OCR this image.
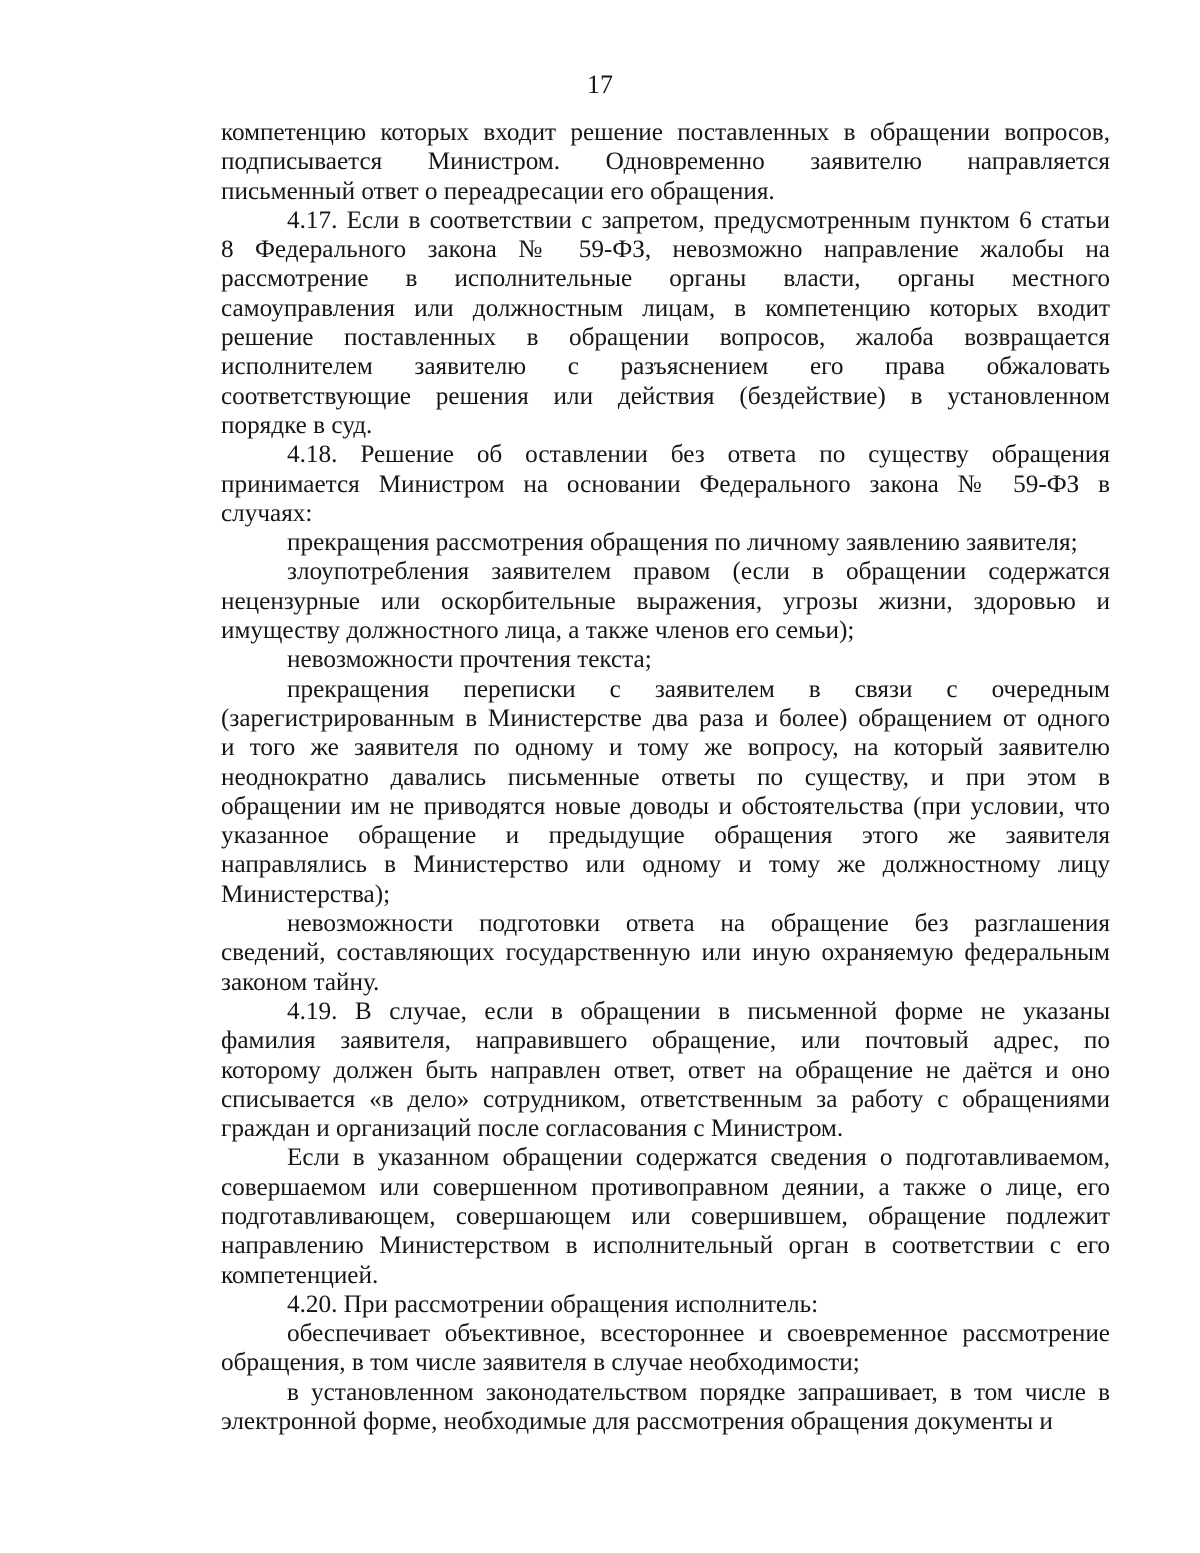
17
компетенцию которых входит решение поставленных в обращении вопросов,
подписывается Министром. Одновременно заявителю направляется
письменный ответ о переадресации его обращения.
4.17. Если в соответствии с запретом, предусмотренным пунктом 6 статьи
8 Федерального закона № 59-ФЗ, невозможно направление жалобы на
рассмотрение в исполнительные органы власти, органы местного
самоуправления или должностным лицам, в компетенцию которых входит
решение поставленных в обращении вопросов, жалоба возвращается
исполнителем заявителю с разъяснением его права обжаловать
соответствующие решения или действия (бездействие) в установленном
порядке в суд.
4.18. Решение об оставлении без ответа по существу обращения
принимается Министром на основании Федерального закона № 59-ФЗ в
случаях:
прекращения рассмотрения обращения по личному заявлению заявителя;
злоупотребления заявителем правом (если в обращении содержатся
нецензурные или оскорбительные выражения, угрозы жизни, здоровью и
имуществу должностного лица, а также членов его семьи);
невозможности прочтения текста;
прекращения переписки с заявителем в связи с очередным
(зарегистрированным в Министерстве два раза и более) обращением от одного
и того же заявителя по одному и тому же вопросу, на который заявителю
неоднократно давались письменные ответы по существу, и при этом в
обращении им не приводятся новые доводы и обстоятельства (при условии, что
указанное обращение и предыдущие обращения этого же заявителя
направлялись в Министерство или одному и тому же должностному лицу
Министерства);
невозможности подготовки ответа на обращение без разглашения
сведений, составляющих государственную или иную охраняемую федеральным
законом тайну.
4.19. В случае, если в обращении в письменной форме не указаны
фамилия заявителя, направившего обращение, или почтовый адрес, по
которому должен быть направлен ответ, ответ на обращение не даётся и оно
списывается «в дело» сотрудником, ответственным за работу с обращениями
граждан и организаций после согласования с Министром.
Если в указанном обращении содержатся сведения о подготавливаемом,
совершаемом или совершенном противоправном деянии, а также о лице, его
подготавливающем, совершающем или совершившем, обращение подлежит
направлению Министерством в исполнительный орган в соответствии с его
компетенцией.
4.20. При рассмотрении обращения исполнитель:
обеспечивает объективное, всестороннее и своевременное рассмотрение
обращения, в том числе заявителя в случае необходимости;
в установленном законодательством порядке запрашивает, в том числе в
электронной форме, необходимые для рассмотрения обращения документы и
